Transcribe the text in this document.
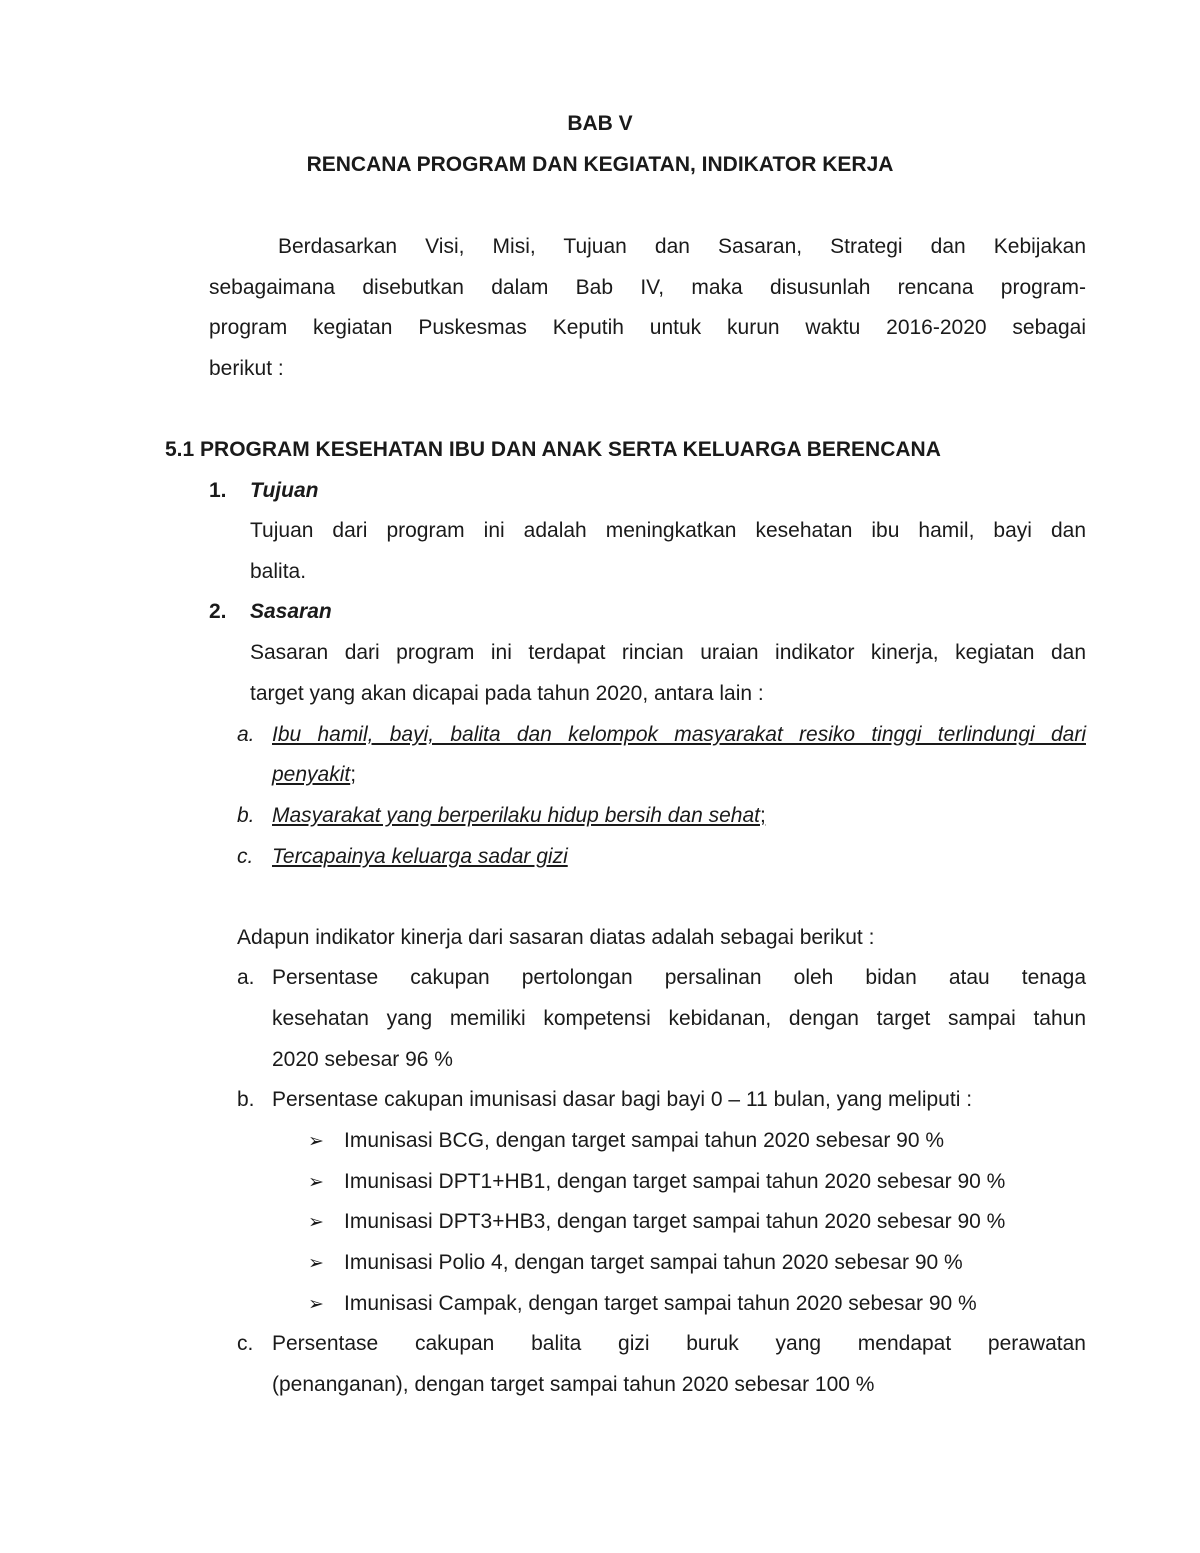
BAB V
RENCANA PROGRAM DAN KEGIATAN, INDIKATOR KERJA
Berdasarkan Visi, Misi, Tujuan dan Sasaran, Strategi dan Kebijakan
sebagaimana disebutkan dalam Bab IV, maka disusunlah rencana program-
program kegiatan Puskesmas Keputih untuk kurun waktu 2016-2020 sebagai
berikut :
5.1 PROGRAM KESEHATAN IBU DAN ANAK SERTA KELUARGA BERENCANA
1. Tujuan
Tujuan dari program ini adalah meningkatkan kesehatan ibu hamil, bayi dan
balita.
2. Sasaran
Sasaran dari program ini terdapat rincian uraian indikator kinerja, kegiatan dan
target yang akan dicapai pada tahun 2020, antara lain :
a. Ibu hamil, bayi, balita dan kelompok masyarakat resiko tinggi terlindungi dari
penyakit;
b. Masyarakat yang berperilaku hidup bersih dan sehat;
c. Tercapainya keluarga sadar gizi
Adapun indikator kinerja dari sasaran diatas adalah sebagai berikut :
a. Persentase cakupan pertolongan persalinan oleh bidan atau tenaga
kesehatan yang memiliki kompetensi kebidanan, dengan target sampai tahun
2020 sebesar 96 %
b. Persentase cakupan imunisasi dasar bagi bayi 0 – 11 bulan, yang meliputi :
➢ Imunisasi BCG, dengan target sampai tahun 2020 sebesar 90 %
➢ Imunisasi DPT1+HB1, dengan target sampai tahun 2020 sebesar 90 %
➢ Imunisasi DPT3+HB3, dengan target sampai tahun 2020 sebesar 90 %
➢ Imunisasi Polio 4, dengan target sampai tahun 2020 sebesar 90 %
➢ Imunisasi Campak, dengan target sampai tahun 2020 sebesar 90 %
c. Persentase cakupan balita gizi buruk yang mendapat perawatan
(penanganan), dengan target sampai tahun 2020 sebesar 100 %
